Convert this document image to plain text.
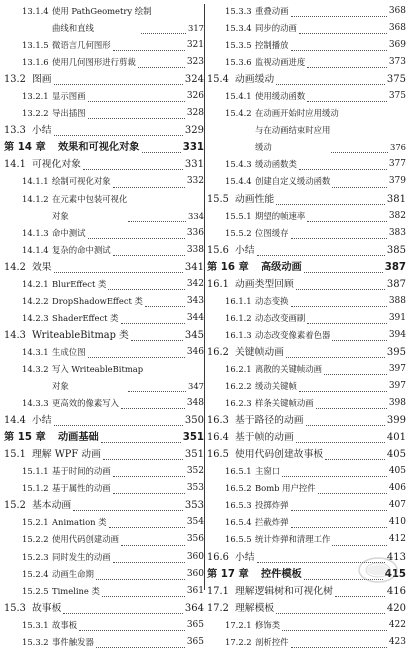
13.1.4 使用 PathGeometry 绘制
曲线和直线	317
13.1.5 微语言几何图形	321
13.1.6 使用几何图形进行剪裁	323
13.2 图画	324
13.2.1 显示图画	326
13.2.2 导出插图	328
13.3 小结	329
第 14 章	效果和可视化对象	331
14.1 可视化对象	331
14.1.1 绘制可视化对象	332
14.1.2 在元素中包装可视化
对象	334
14.1.3 命中测试	336
14.1.4 复杂的命中测试	338
14.2 效果	341
14.2.1 BlurEffect 类	342
14.2.2 DropShadowEffect 类	343
14.2.3 ShaderEffect 类	344
14.3 WriteableBitmap 类	345
14.3.1 生成位图	346
14.3.2 写入 WriteableBitmap
对象	347
14.3.3 更高效的像素写入	348
14.4 小结	350
第 15 章	动画基础	351
15.1 理解 WPF 动画	351
15.1.1 基于时间的动画	352
15.1.2 基于属性的动画	353
15.2 基本动画	353
15.2.1 Animation 类	354
15.2.2 使用代码创建动画	356
15.2.3 同时发生的动画	360
15.2.4 动画生命期	360
15.2.5 Timeline 类	361
15.3 故事板	364
15.3.1 故事板	365
15.3.2 事件触发器	365
15.3.3 重叠动画	368
15.3.4 同步的动画	368
15.3.5 控制播放	369
15.3.6 监视动画进度	373
15.4 动画缓动	375
15.4.1 使用缓动函数	375
15.4.2 在动画开始时应用缓动
与在动画结束时应用
缓动	376
15.4.3 缓动函数类	377
15.4.4 创建自定义缓动函数	379
15.5 动画性能	381
15.5.1 期望的帧速率	382
15.5.2 位图缓存	383
15.6 小结	385
第 16 章	高级动画	387
16.1 动画类型回顾	387
16.1.1 动态变换	388
16.1.2 动态改变画刷	391
16.1.3 动态改变像素着色器	394
16.2 关键帧动画	395
16.2.1 离散的关键帧动画	397
16.2.2 缓动关键帧	397
16.2.3 样条关键帧动画	398
16.3 基于路径的动画	399
16.4 基于帧的动画	401
16.5 使用代码创建故事板	405
16.5.1 主窗口	405
16.5.2 Bomb 用户控件	406
16.5.3 投掷炸弹	407
16.5.4 拦截炸弹	410
16.5.5 统计炸弹和清理工作	412
16.6 小结	413
第 17 章	控件模板	415
17.1 理解逻辑树和可视化树	416
17.2 理解模板	420
17.2.1 修饰类	422
17.2.2 剖析控件	423
